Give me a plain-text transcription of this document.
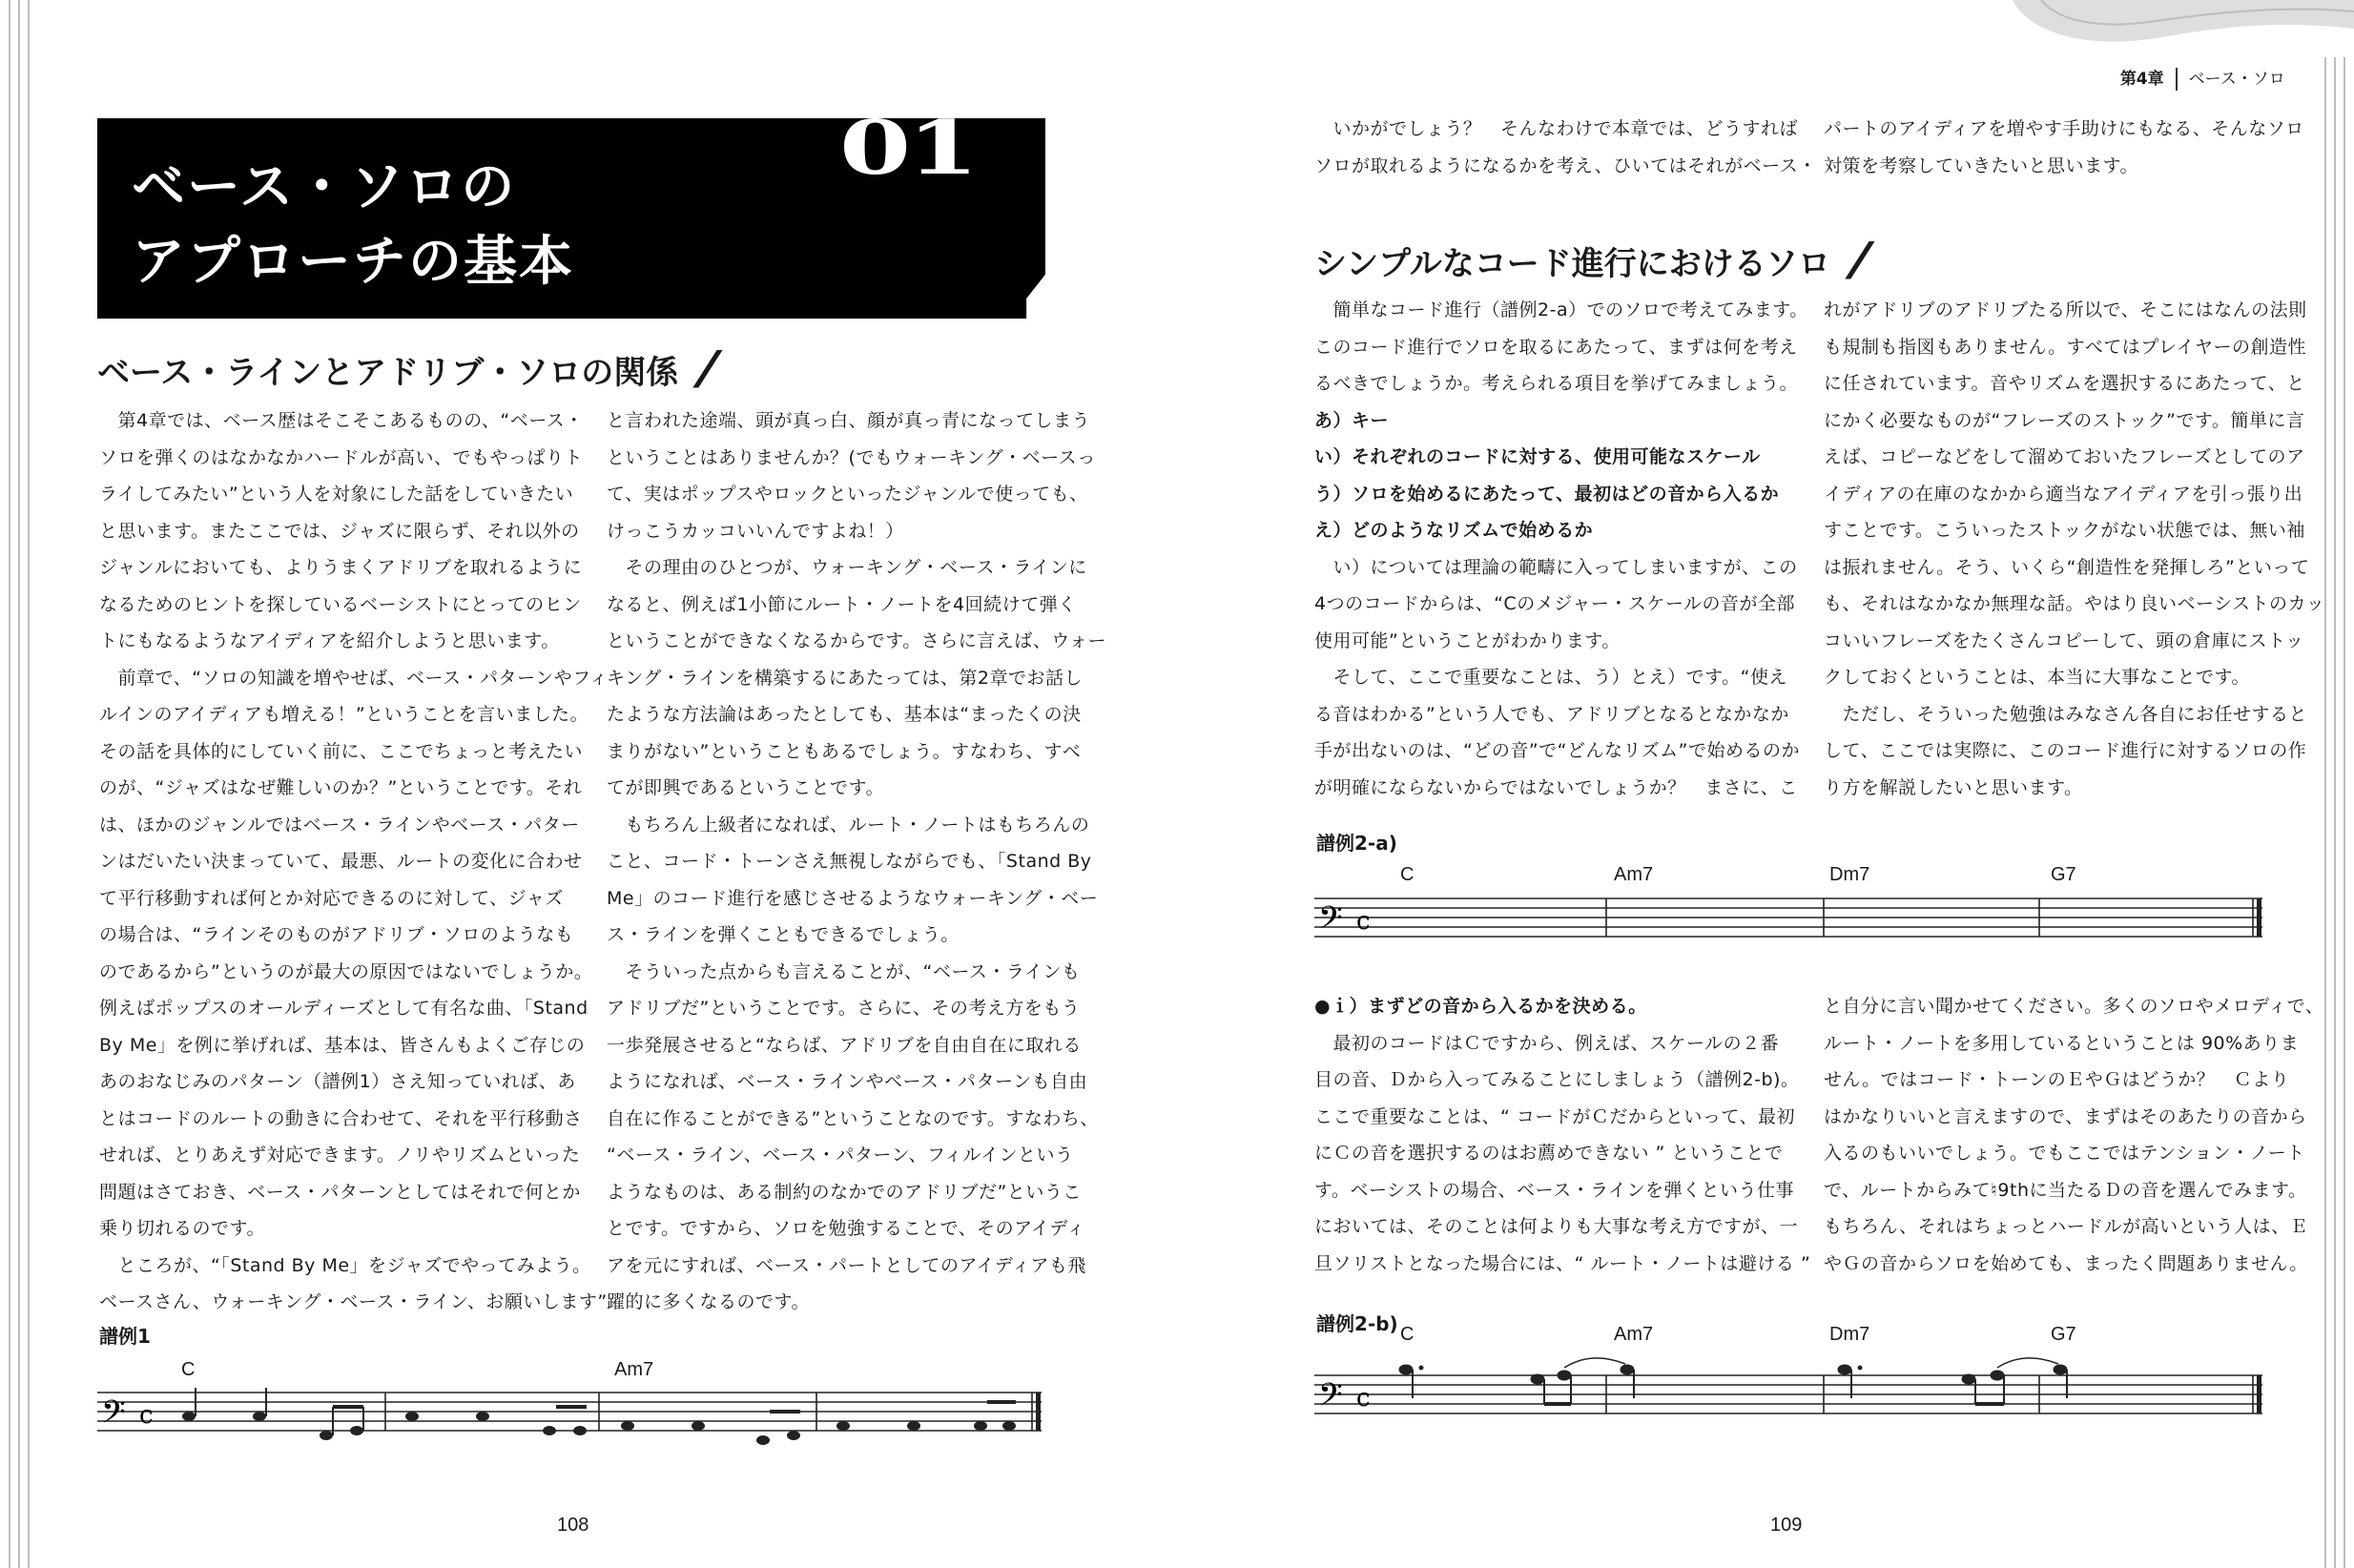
第4章 ベース・ソロ

ベース・ソロの
アプローチの基本
01
ベース・ラインとアドリブ・ソロの関係 //
　第4章では、ベース歴はそこそこあるものの、“ベース・
ソロを弾くのはなかなかハードルが高い、でもやっぱりト
ライしてみたい”という人を対象にした話をしていきたい
と思います。またここでは、ジャズに限らず、それ以外の
ジャンルにおいても、よりうまくアドリブを取れるように
なるためのヒントを探しているベーシストにとってのヒン
トにもなるようなアイディアを紹介しようと思います。
　前章で、“ソロの知識を増やせば、ベース・パターンやフィ
ルインのアイディアも増える！”ということを言いました。
その話を具体的にしていく前に、ここでちょっと考えたい
のが、“ジャズはなぜ難しいのか？”ということです。それ
は、ほかのジャンルではベース・ラインやベース・パター
ンはだいたい決まっていて、最悪、ルートの変化に合わせ
て平行移動すれば何とか対応できるのに対して、ジャズ
の場合は、“ラインそのものがアドリブ・ソロのようなも
のであるから”というのが最大の原因ではないでしょうか。
例えばポップスのオールディーズとして有名な曲、「Stand
By Me」を例に挙げれば、基本は、皆さんもよくご存じの
あのおなじみのパターン（譜例1）さえ知っていれば、あ
とはコードのルートの動きに合わせて、それを平行移動さ
せれば、とりあえず対応できます。ノリやリズムといった
問題はさておき、ベース・パターンとしてはそれで何とか
乗り切れるのです。
　ところが、“「Stand By Me」をジャズでやってみよう。
ベースさん、ウォーキング・ベース・ライン、お願いします”
と言われた途端、頭が真っ白、顔が真っ青になってしまう
ということはありませんか？(でもウォーキング・ベースっ
て、実はポップスやロックといったジャンルで使っても、
けっこうカッコいいんですよね！）
　その理由のひとつが、ウォーキング・ベース・ラインに
なると、例えば1小節にルート・ノートを4回続けて弾く
ということができなくなるからです。さらに言えば、ウォー
キング・ラインを構築するにあたっては、第2章でお話し
たような方法論はあったとしても、基本は“まったくの決
まりがない”ということもあるでしょう。すなわち、すべ
てが即興であるということです。
　もちろん上級者になれば、ルート・ノートはもちろんの
こと、コード・トーンさえ無視しながらでも、「Stand By
Me」のコード進行を感じさせるようなウォーキング・ベー
ス・ラインを弾くこともできるでしょう。
　そういった点からも言えることが、“ベース・ラインも
アドリブだ”ということです。さらに、その考え方をもう
一歩発展させると“ならば、アドリブを自由自在に取れる
ようになれば、ベース・ラインやベース・パターンも自由
自在に作ることができる”ということなのです。すなわち、
“ベース・ライン、ベース・パターン、フィルインという
ようなものは、ある制約のなかでのアドリブだ”というこ
とです。ですから、ソロを勉強することで、そのアイディ
アを元にすれば、ベース・パートとしてのアイディアも飛
躍的に多くなるのです。
譜例1
C	Am7
𝄢 c
108
　いかがでしょう？　そんなわけで本章では、どうすれば
ソロが取れるようになるかを考え、ひいてはそれがベース・
パートのアイディアを増やす手助けにもなる、そんなソロ
対策を考察していきたいと思います。
シンプルなコード進行におけるソロ //
　簡単なコード進行（譜例2-a）でのソロで考えてみます。
このコード進行でソロを取るにあたって、まずは何を考え
るべきでしょうか。考えられる項目を挙げてみましょう。
あ）キー
い）それぞれのコードに対する、使用可能なスケール
う）ソロを始めるにあたって、最初はどの音から入るか
え）どのようなリズムで始めるか
　い）については理論の範疇に入ってしまいますが、この
4つのコードからは、“Cのメジャー・スケールの音が全部
使用可能”ということがわかります。
　そして、ここで重要なことは、う）とえ）です。“使え
る音はわかる”という人でも、アドリブとなるとなかなか
手が出ないのは、“どの音”で“どんなリズム”で始めるのか
が明確にならないからではないでしょうか？　まさに、こ
れがアドリブのアドリブたる所以で、そこにはなんの法則
も規制も指図もありません。すべてはプレイヤーの創造性
に任されています。音やリズムを選択するにあたって、と
にかく必要なものが“フレーズのストック”です。簡単に言
えば、コピーなどをして溜めておいたフレーズとしてのア
イディアの在庫のなかから適当なアイディアを引っ張り出
すことです。こういったストックがない状態では、無い袖
は振れません。そう、いくら“創造性を発揮しろ”といって
も、それはなかなか無理な話。やはり良いベーシストのカッ
コいいフレーズをたくさんコピーして、頭の倉庫にストッ
クしておくということは、本当に大事なことです。
　ただし、そういった勉強はみなさん各自にお任せすると
して、ここでは実際に、このコード進行に対するソロの作
り方を解説したいと思います。
譜例2-a)
C	Am7	Dm7	G7
𝄢 c
●ｉ）まずどの音から入るかを決める。
　最初のコードはＣですから、例えば、スケールの２番
目の音、Ｄから入ってみることにしましょう（譜例2-b)。
ここで重要なことは、“ コードがＣだからといって、最初
にＣの音を選択するのはお薦めできない ” ということで
す。ベーシストの場合、ベース・ラインを弾くという仕事
においては、そのことは何よりも大事な考え方ですが、一
旦ソリストとなった場合には、“ ルート・ノートは避ける ”
と自分に言い聞かせてください。多くのソロやメロディで、
ルート・ノートを多用しているということは 90%ありま
せん。ではコード・トーンのＥやＧはどうか？　Ｃより
はかなりいいと言えますので、まずはそのあたりの音から
入るのもいいでしょう。でもここではテンション・ノート
で、ルートからみて♮9thに当たるＤの音を選んでみます。
もちろん、それはちょっとハードルが高いという人は、Ｅ
やＧの音からソロを始めても、まったく問題ありません。
譜例2-b) C	Am7	Dm7	G7
𝄢 c
109
